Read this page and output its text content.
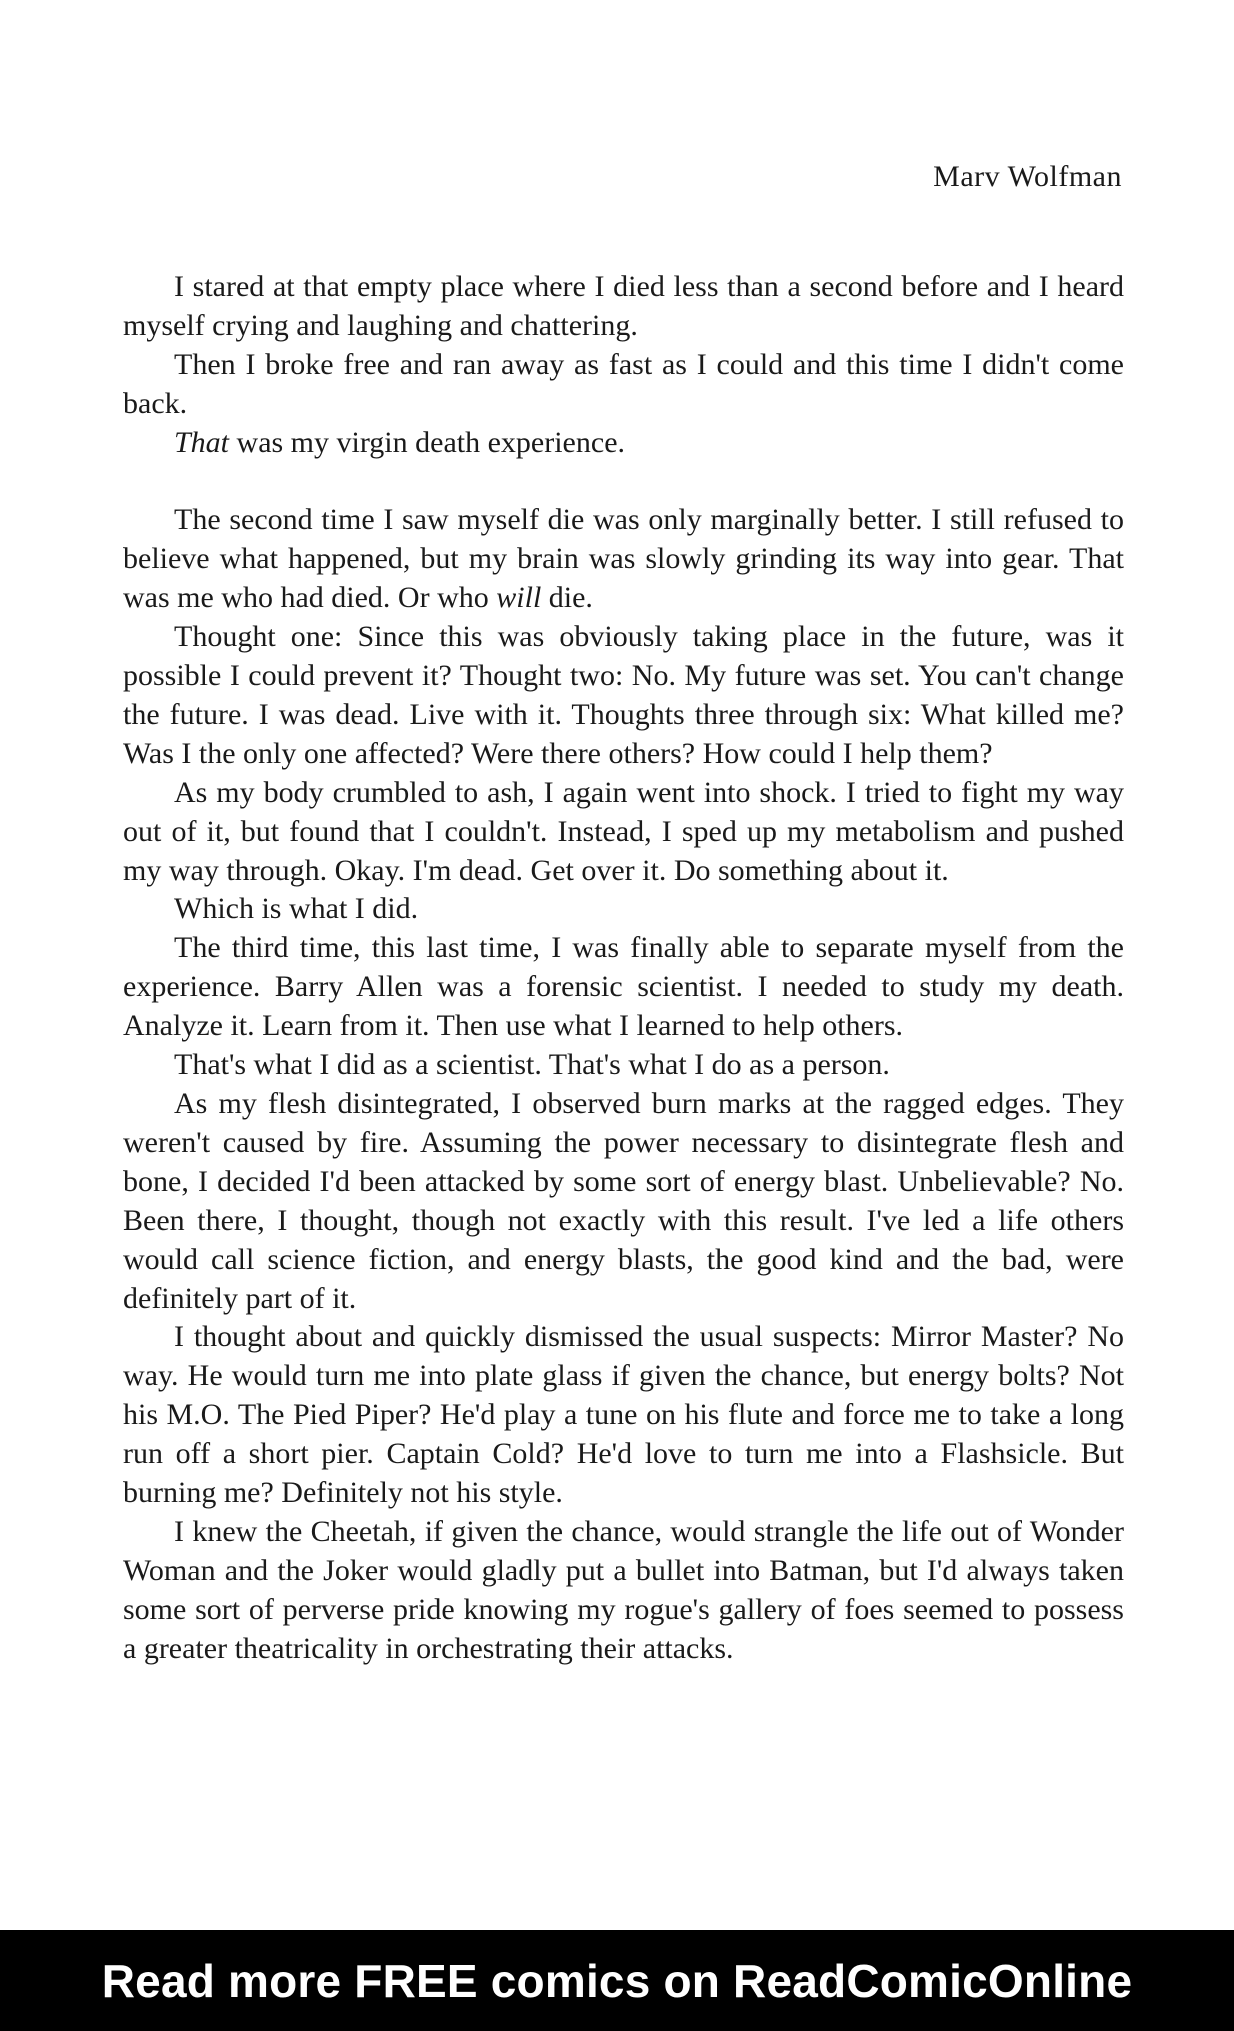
Marv Wolfman

I stared at that empty place where I died less than a second before and I heard myself crying and laughing and chattering.

Then I broke free and ran away as fast as I could and this time I didn't come back.

That was my virgin death experience.

The second time I saw myself die was only marginally better. I still refused to believe what happened, but my brain was slowly grinding its way into gear. That was me who had died. Or who will die.

Thought one: Since this was obviously taking place in the future, was it possible I could prevent it? Thought two: No. My future was set. You can't change the future. I was dead. Live with it. Thoughts three through six: What killed me? Was I the only one affected? Were there others? How could I help them?

As my body crumbled to ash, I again went into shock. I tried to fight my way out of it, but found that I couldn't. Instead, I sped up my metabolism and pushed my way through. Okay. I'm dead. Get over it. Do something about it.

Which is what I did.

The third time, this last time, I was finally able to separate myself from the experience. Barry Allen was a forensic scientist. I needed to study my death. Analyze it. Learn from it. Then use what I learned to help others.

That's what I did as a scientist. That's what I do as a person.

As my flesh disintegrated, I observed burn marks at the ragged edges. They weren't caused by fire. Assuming the power necessary to disintegrate flesh and bone, I decided I'd been attacked by some sort of energy blast. Unbelievable? No. Been there, I thought, though not exactly with this result. I've led a life others would call science fiction, and energy blasts, the good kind and the bad, were definitely part of it.

I thought about and quickly dismissed the usual suspects: Mirror Master? No way. He would turn me into plate glass if given the chance, but energy bolts? Not his M.O. The Pied Piper? He'd play a tune on his flute and force me to take a long run off a short pier. Captain Cold? He'd love to turn me into a Flashsicle. But burning me? Definitely not his style.

I knew the Cheetah, if given the chance, would strangle the life out of Wonder Woman and the Joker would gladly put a bullet into Batman, but I'd always taken some sort of perverse pride knowing my rogue's gallery of foes seemed to possess a greater theatricality in orchestrating their attacks.

Read more FREE comics on ReadComicOnline
